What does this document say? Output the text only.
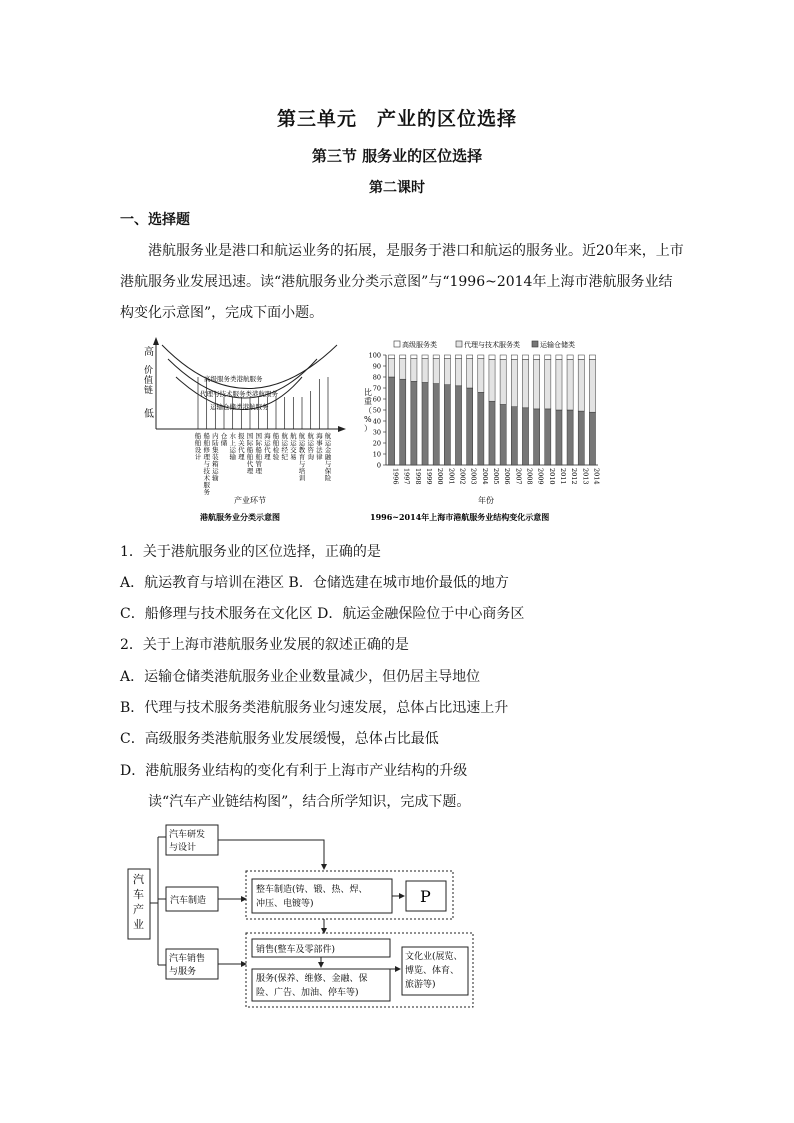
第三单元　产业的区位选择
第三节 服务业的区位选择
第二课时
一、选择题
港航服务业是港口和航运业务的拓展，是服务于港口和航运的服务业。近20年来，上市港航服务业发展迅速。读“港航服务业分类示意图”与“1996~2014年上海市港航服务业结构变化示意图”，完成下面小题。
高
低
价值链
高级服务类港航服务
代理与技术服务类港航服务
运输仓储类港航服务
船舶设计
船舶修理与技术服务
内陆集装箱运输
仓储
水上运输
报关代理
国际船舶代理
国际船舶管理
海运代理
船舶检验
航运经纪
航运交易
航运教育与培训
航运咨询
海事法律
航运金融与保险
产业环节
港航服务业分类示意图
高级服务类	代理与技术服务类	运输仓储类
0
10
20
30
40
50
60
70
80
90
100
1996 1997 1998 1999 2000 2001 2002 2003 2004 2005 2006 2007 2008 2009 2010 2011 2012 2013 2014
比重（%）
年份
1996~2014年上海市港航服务业结构变化示意图
1．关于港航服务业的区位选择，正确的是
A．航运教育与培训在港区 B．仓储选建在城市地价最低的地方
C．船修理与技术服务在文化区 D．航运金融保险位于中心商务区
2．关于上海市港航服务业发展的叙述正确的是
A．运输仓储类港航服务业企业数量减少，但仍居主导地位
B．代理与技术服务类港航服务业匀速发展，总体占比迅速上升
C．高级服务类港航服务业发展缓慢，总体占比最低
D．港航服务业结构的变化有利于上海市产业结构的升级
读“汽车产业链结构图”，结合所学知识，完成下题。
汽
车
产
业
汽车研发
与设计
汽车制造
汽车销售
与服务
整车制造(铸、锻、热、焊、
冲压、电镀等)	P
销售(整车及零部件)
服务(保养、维修、金融、保
险、广告、加油、停车等)
文化业(展览、
博览、体育、
旅游等)
